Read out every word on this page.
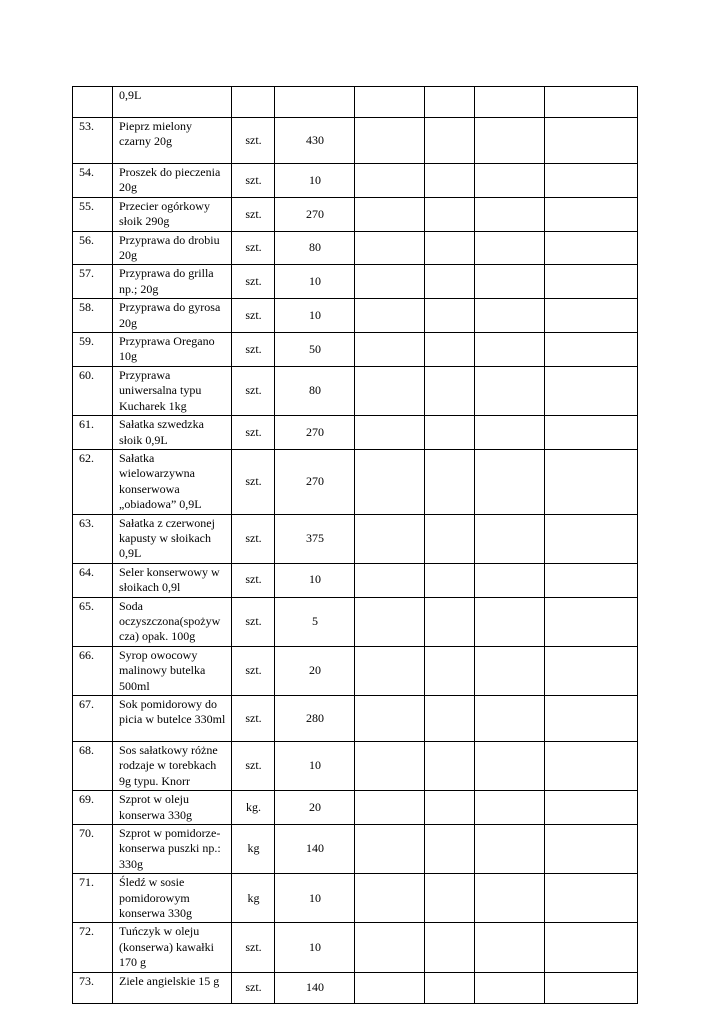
	0,9L						
53.	Pieprz mielony czarny 20g	szt.	430				
54.	Proszek do pieczenia 20g	szt.	10				
55.	Przecier ogórkowy słoik 290g	szt.	270				
56.	Przyprawa do drobiu 20g	szt.	80				
57.	Przyprawa do grilla np.; 20g	szt.	10				
58.	Przyprawa do gyrosa 20g	szt.	10				
59.	Przyprawa Oregano 10g	szt.	50				
60.	Przyprawa uniwersalna typu Kucharek 1kg	szt.	80				
61.	Sałatka szwedzka słoik 0,9L	szt.	270				
62.	Sałatka wielowarzywna konserwowa „obiadowa” 0,9L	szt.	270				
63.	Sałatka z czerwonej kapusty w słoikach 0,9L	szt.	375				
64.	Seler konserwowy w słoikach 0,9l	szt.	10				
65.	Soda oczyszczona(spożyw cza) opak. 100g	szt.	5				
66.	Syrop owocowy malinowy butelka 500ml	szt.	20				
67.	Sok pomidorowy do picia w butelce 330ml	szt.	280				
68.	Sos sałatkowy różne rodzaje w torebkach 9g typu. Knorr	szt.	10				
69.	Szprot w oleju konserwa 330g	kg.	20				
70.	Szprot w pomidorze- konserwa puszki np.: 330g	kg	140				
71.	Śledź w sosie pomidorowym konserwa 330g	kg	10				
72.	Tuńczyk w oleju (konserwa) kawałki 170 g	szt.	10				
73.	Ziele angielskie 15 g	szt.	140				
